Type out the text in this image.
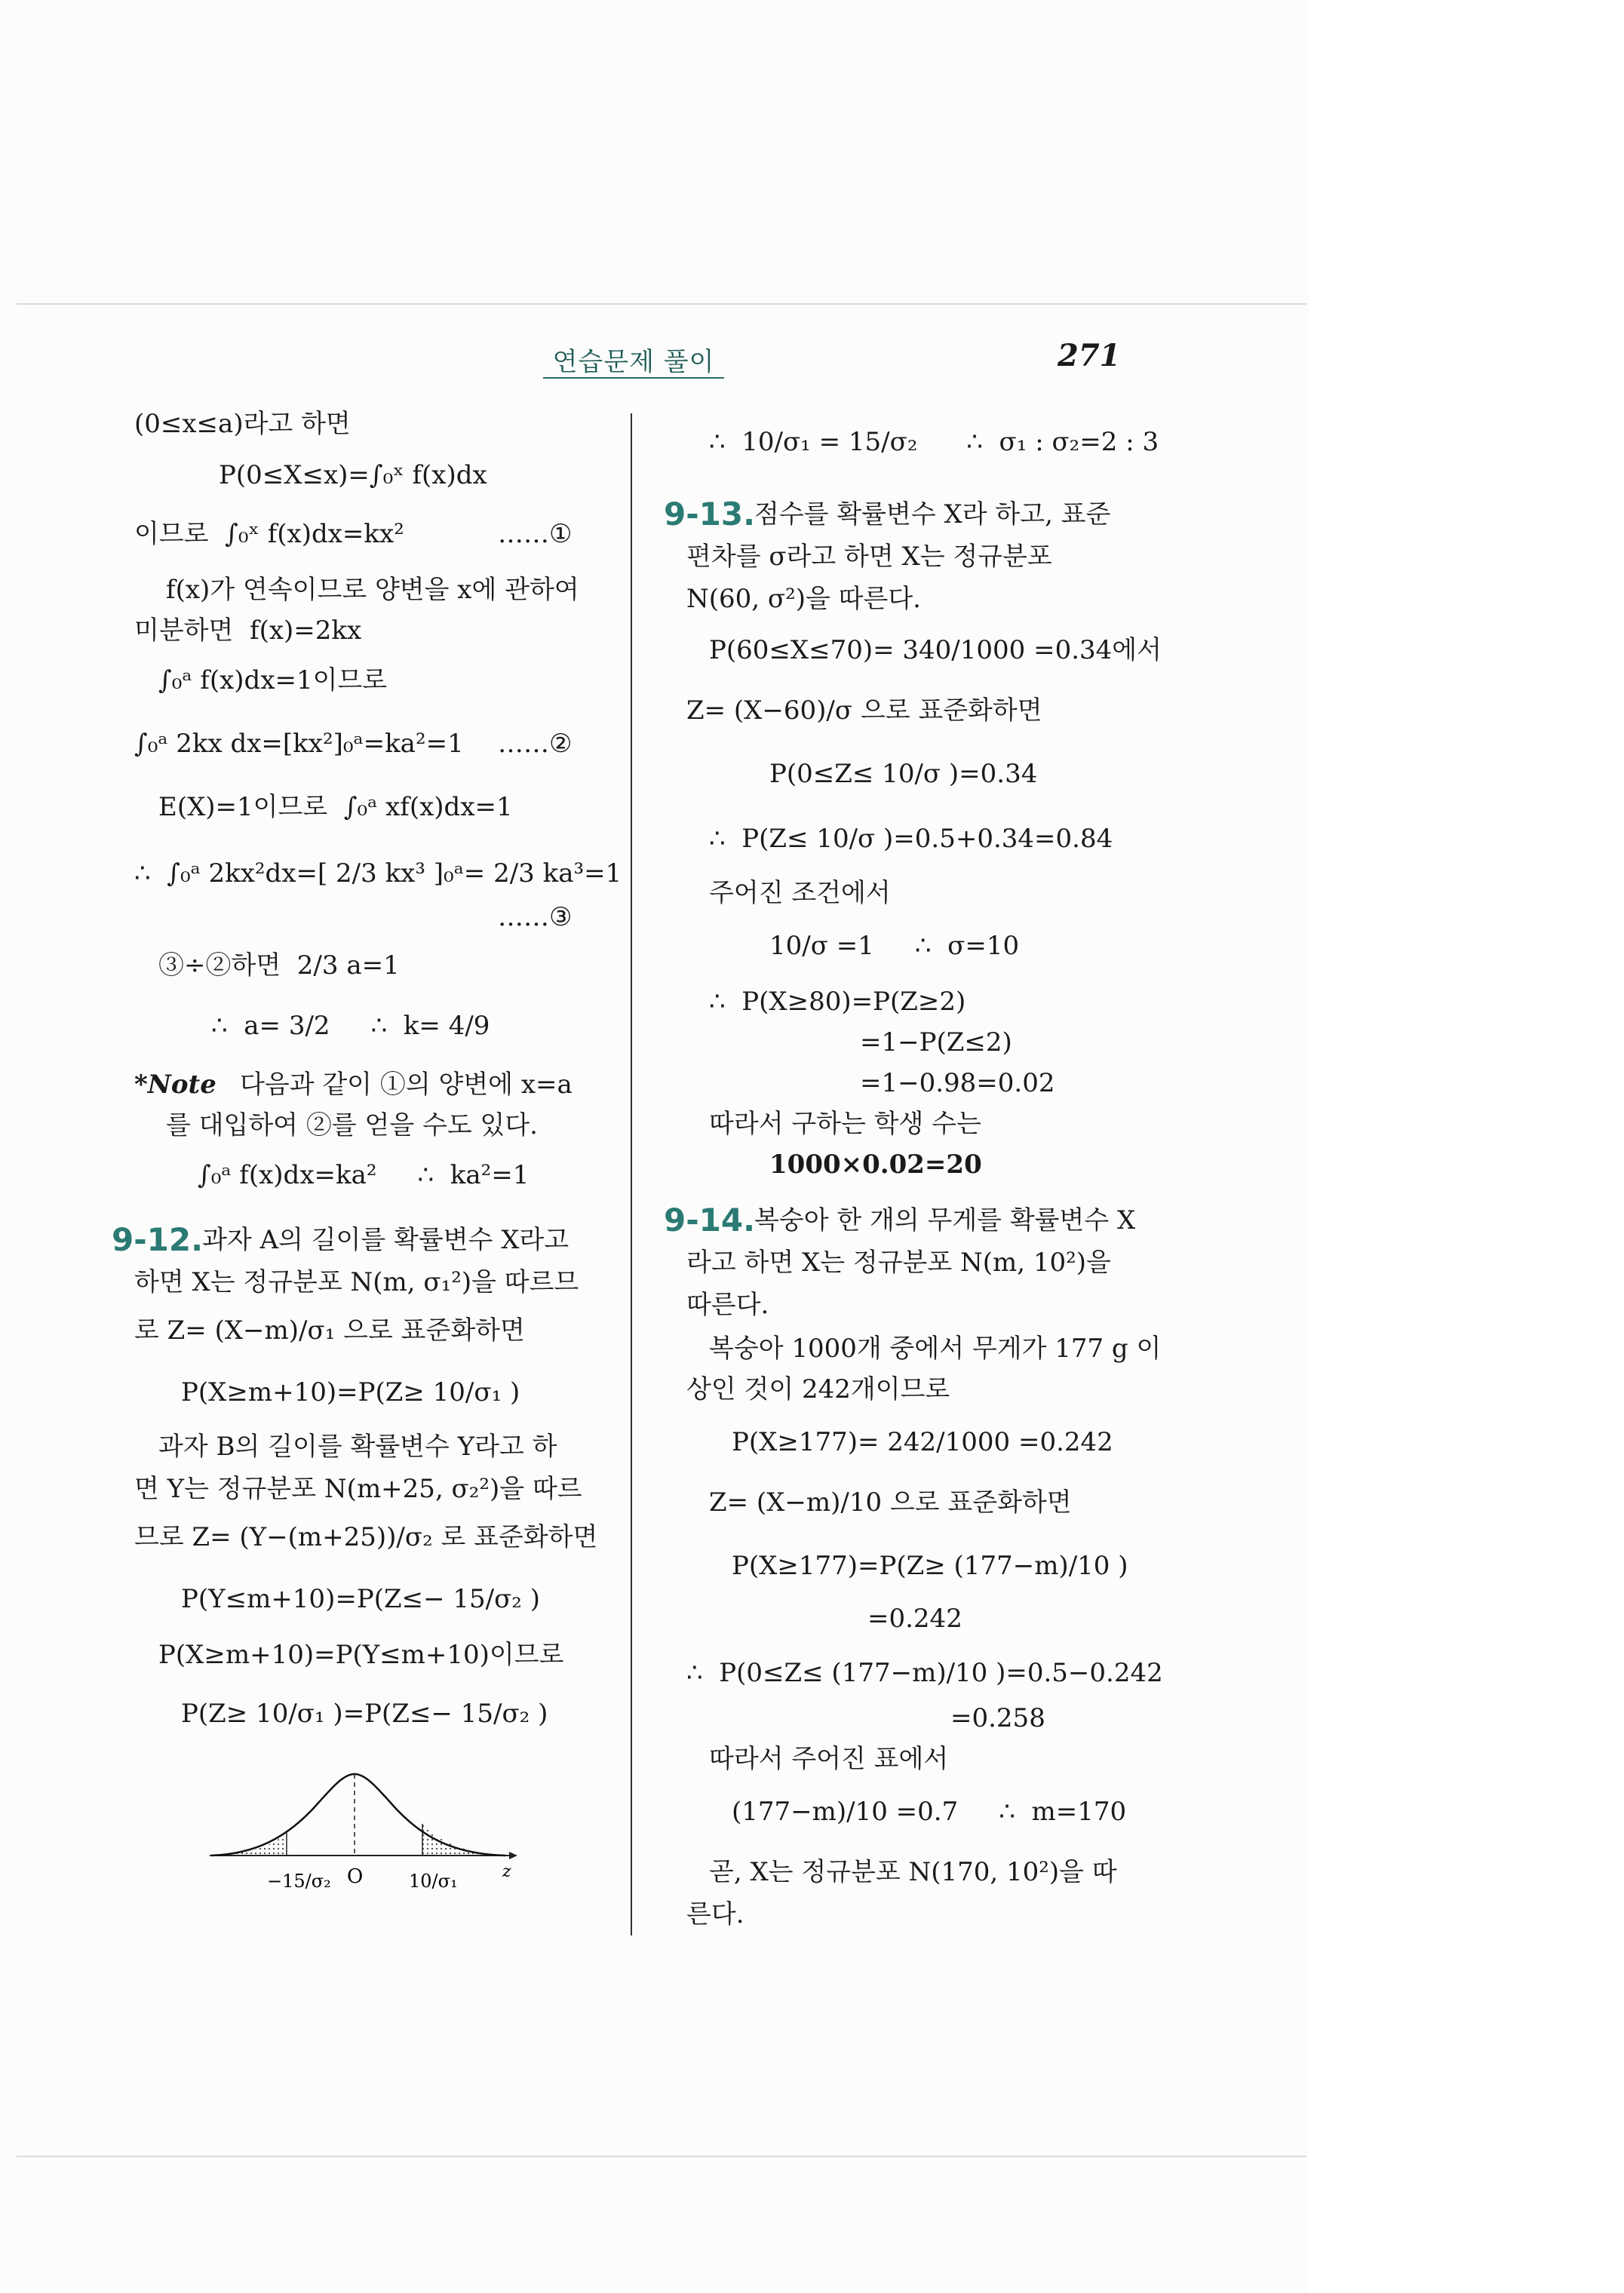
연습문제 풀이	271
(0≤x≤a)라고 하면
P(0≤X≤x)=∫₀ˣ f(x)dx
이므로  ∫₀ˣ f(x)dx=kx²	……①
f(x)가 연속이므로 양변을 x에 관하여
미분하면  f(x)=2kx
∫₀ᵃ f(x)dx=1이므로
∫₀ᵃ 2kx dx=[kx²]₀ᵃ=ka²=1 ……②
E(X)=1이므로  ∫₀ᵃ xf(x)dx=1
∴  ∫₀ᵃ 2kx²dx=[ 2/3 kx³ ]₀ᵃ= 2/3 ka³=1
……③
③÷②하면  2/3 a=1
∴  a= 3/2     ∴  k= 4/9
*Note 다음과 같이 ①의 양변에 x=a
를 대입하여 ②를 얻을 수도 있다.
∫₀ᵃ f(x)dx=ka²     ∴  ka²=1
9-12.
과자 A의 길이를 확률변수 X라고
하면 X는 정규분포 N(m, σ₁²)을 따르므
로 Z= (X−m)/σ₁ 으로 표준화하면
P(X≥m+10)=P(Z≥ 10/σ₁ )
과자 B의 길이를 확률변수 Y라고 하
면 Y는 정규분포 N(m+25, σ₂²)을 따르
므로 Z= (Y−(m+25))/σ₂ 로 표준화하면
P(Y≤m+10)=P(Z≤− 15/σ₂ )
P(X≥m+10)=P(Y≤m+10)이므로
P(Z≥ 10/σ₁ )=P(Z≤− 15/σ₂ )
−15/σ₂ O	10/σ₁	z
∴  10/σ₁ = 15/σ₂      ∴  σ₁ : σ₂=2 : 3
9-13.
점수를 확률변수 X라 하고, 표준
편차를 σ라고 하면 X는 정규분포
N(60, σ²)을 따른다.
P(60≤X≤70)= 340/1000 =0.34에서
Z= (X−60)/σ 으로 표준화하면
P(0≤Z≤ 10/σ )=0.34
∴  P(Z≤ 10/σ )=0.5+0.34=0.84
주어진 조건에서
10/σ =1     ∴  σ=10
∴  P(X≥80)=P(Z≥2)
=1−P(Z≤2)
=1−0.98=0.02
따라서 구하는 학생 수는
1000×0.02=20
9-14.
복숭아 한 개의 무게를 확률변수 X
라고 하면 X는 정규분포 N(m, 10²)을
따른다.
복숭아 1000개 중에서 무게가 177 g 이
상인 것이 242개이므로
P(X≥177)= 242/1000 =0.242
Z= (X−m)/10 으로 표준화하면
P(X≥177)=P(Z≥ (177−m)/10 )
=0.242
∴  P(0≤Z≤ (177−m)/10 )=0.5−0.242
=0.258
따라서 주어진 표에서
(177−m)/10 =0.7     ∴  m=170
곧, X는 정규분포 N(170, 10²)을 따
른다.
